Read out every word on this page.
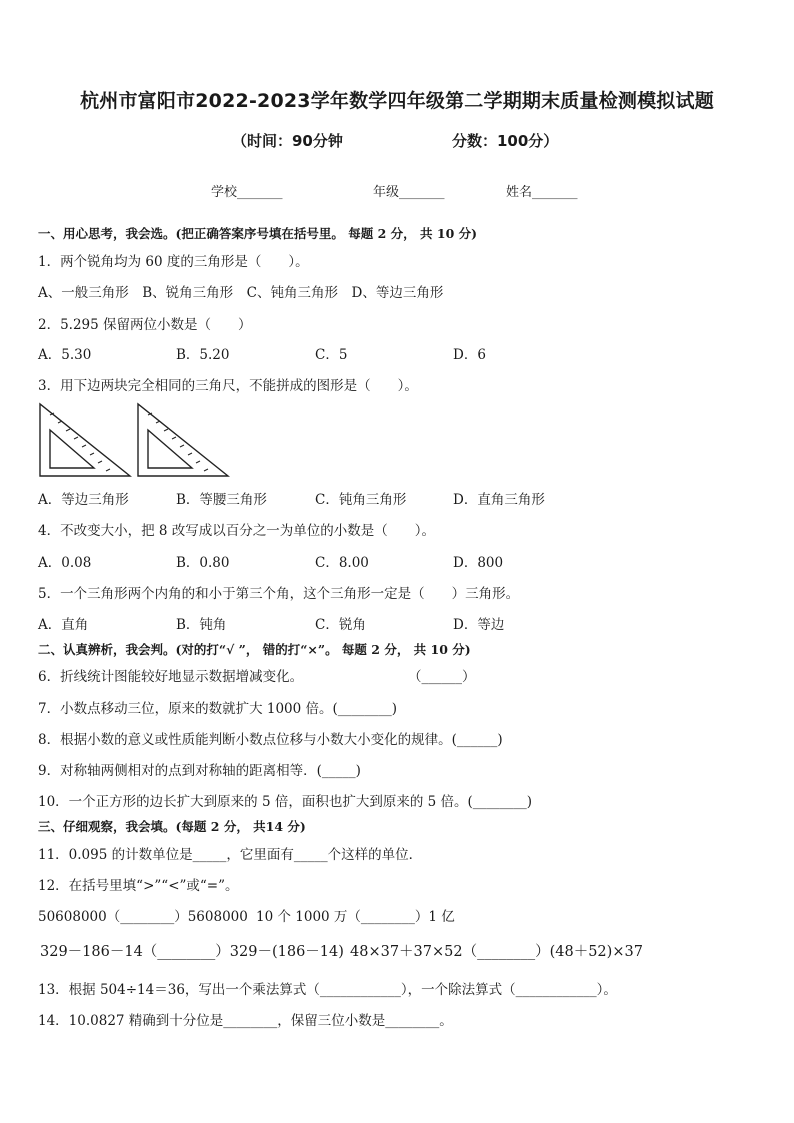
杭州市富阳市2022-2023学年数学四年级第二学期期末质量检测模拟试题
（时间：90分钟	分数：100分）
学校_______	年级_______	姓名_______
一、用心思考，我会选。(把正确答案序号填在括号里。 每题 2 分， 共 10 分)
1．两个锐角均为 60 度的三角形是（　　）。
A、一般三角形　B、锐角三角形　C、钝角三角形　D、等边三角形
2．5.295 保留两位小数是（　　）
A．5.30	B．5.20	C．5	D．6
3．用下边两块完全相同的三角尺，不能拼成的图形是（　　）。
A．等边三角形	B．等腰三角形	C．钝角三角形	D．直角三角形
4．不改变大小，把 8 改写成以百分之一为单位的小数是（　　）。
A．0.08	B．0.80	C．8.00	D．800
5．一个三角形两个内角的和小于第三个角，这个三角形一定是（　　）三角形。
A．直角	B．钝角	C．锐角	D．等边
二、认真辨析，我会判。(对的打“√ ”， 错的打“×”。 每题 2 分， 共 10 分)
6．折线统计图能较好地显示数据增减变化。	（______）
7．小数点移动三位，原来的数就扩大 1000 倍。(________)
8．根据小数的意义或性质能判断小数点位移与小数大小变化的规律。(______)
9．对称轴两侧相对的点到对称轴的距离相等．(_____)
10．一个正方形的边长扩大到原来的 5 倍，面积也扩大到原来的 5 倍。(________)
三、仔细观察，我会填。(每题 2 分， 共14 分)
11．0.095 的计数单位是_____，它里面有_____个这样的单位．
12．在括号里填“>”“<”或“=”。
50608000（________）5608000 10 个 1000 万（________）1 亿
329－186－14（________）329－(186－14) 48×37＋37×52（________）(48＋52)×37
13．根据 504÷14＝36，写出一个乘法算式（____________），一个除法算式（____________）。
14．10.0827 精确到十分位是________，保留三位小数是________。
